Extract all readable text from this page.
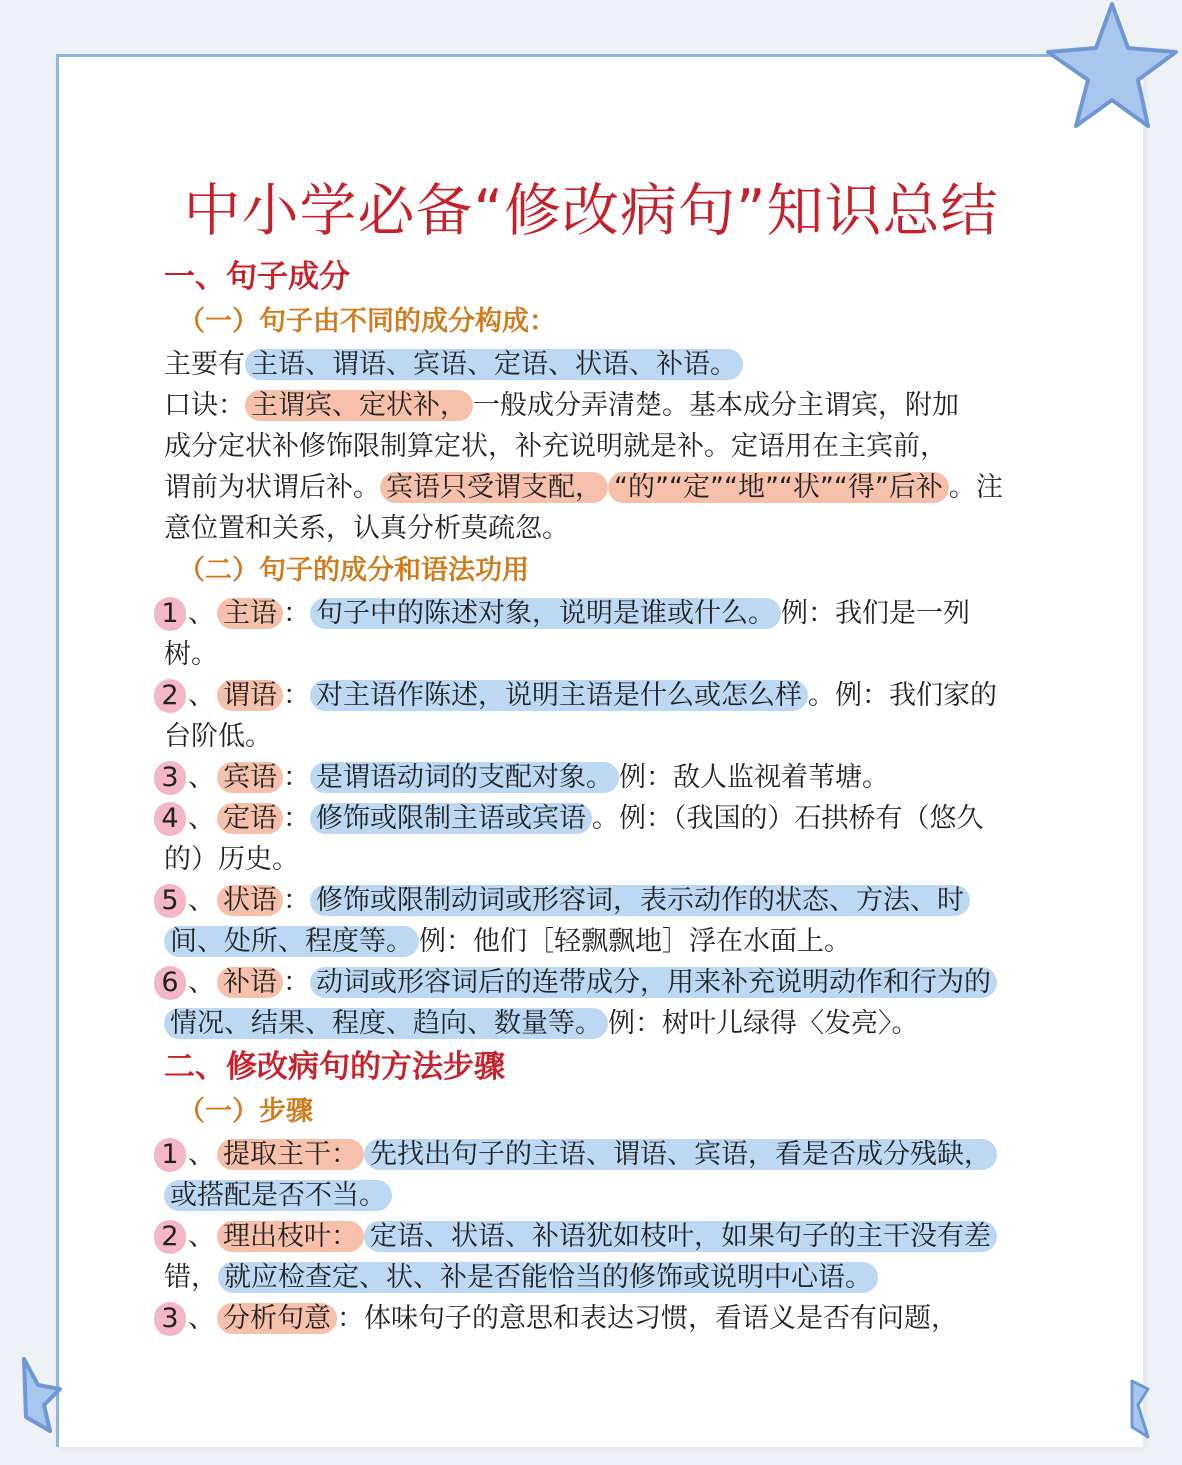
中小学必备“修改病句”知识总结
一、句子成分
（一）句子由不同的成分构成：
主要有 主语、谓语、宾语、定语、状语、补语。
口诀： 主谓宾、定状补， 一般成分弄清楚。基本成分主谓宾，附加
成分定状补修饰限制算定状，补充说明就是补。定语用在主宾前，
谓前为状谓后补。 宾语只受谓支配， “的”“定”“地”“状”“得”后补 。注
意位置和关系，认真分析莫疏忽。
（二）句子的成分和语法功用
1 、 主语 ： 句子中的陈述对象，说明是谁或什么。 例：我们是一列
树。
2 、 谓语 ： 对主语作陈述，说明主语是什么或怎么样 。例：我们家的
台阶低。
3 、 宾语 ： 是谓语动词的支配对象。 例：敌人监视着苇塘。
4 、 定语 ： 修饰或限制主语或宾语 。例：（我国的）石拱桥有（悠久
的）历史。
5 、 状语 ： 修饰或限制动词或形容词，表示动作的状态、方法、时
间、处所、程度等。 例：他们［轻飘飘地］浮在水面上。
6 、 补语 ： 动词或形容词后的连带成分，用来补充说明动作和行为的
情况、结果、程度、趋向、数量等。 例：树叶儿绿得〈发亮〉。
二、修改病句的方法步骤
（一）步骤
1 、 提取主干： 先找出句子的主语、谓语、宾语，看是否成分残缺，
或搭配是否不当。
2 、 理出枝叶： 定语、状语、补语犹如枝叶，如果句子的主干没有差
错， 就应检查定、状、补是否能恰当的修饰或说明中心语。
3 、 分析句意 ：体味句子的意思和表达习惯，看语义是否有问题，
